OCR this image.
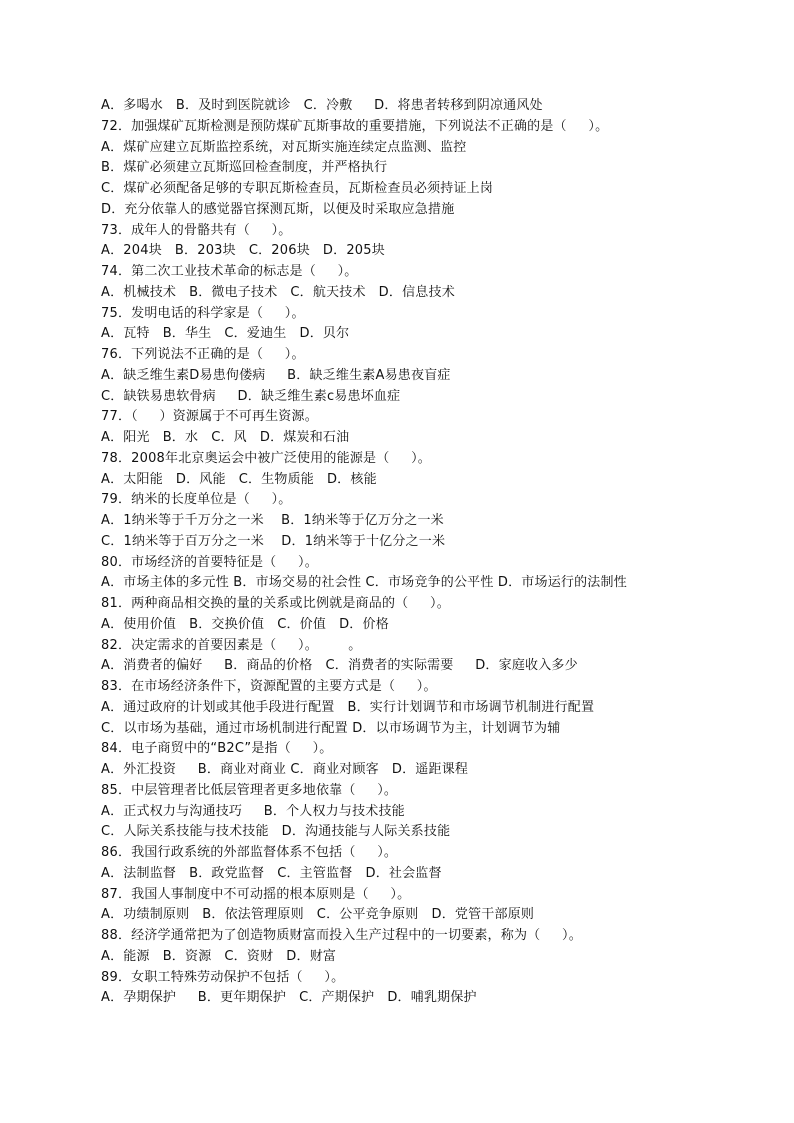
A．多喝水   B．及时到医院就诊   C．冷敷     D．将患者转移到阴凉通风处
72．加强煤矿瓦斯检测是预防煤矿瓦斯事故的重要措施，下列说法不正确的是（     ）。
A．煤矿应建立瓦斯监控系统，对瓦斯实施连续定点监测、监控
B．煤矿必须建立瓦斯巡回检查制度，并严格执行
C．煤矿必须配备足够的专职瓦斯检查员，瓦斯检查员必须持证上岗
D．充分依靠人的感觉器官探测瓦斯，以便及时采取应急措施
73．成年人的骨骼共有（     ）。
A．204块   B．203块   C．206块   D．205块
74．第二次工业技术革命的标志是（     ）。
A．机械技术   B．微电子技术   C．航天技术   D．信息技术
75．发明电话的科学家是（     ）。
A．瓦特   B．华生   C．爱迪生   D．贝尔
76．下列说法不正确的是（     ）。
A．缺乏维生素D易患佝偻病     B．缺乏维生素A易患夜盲症
C．缺铁易患软骨病     D．缺乏维生素c易患坏血症
77．（     ）资源属于不可再生资源。
A．阳光   B．水   C．风   D．煤炭和石油
78．2008年北京奥运会中被广泛使用的能源是（     ）。
A．太阳能   D．风能   C．生物质能   D．核能
79．纳米的长度单位是（     ）。
A．1纳米等于千万分之一米    B．1纳米等于亿万分之一米
C．1纳米等于百万分之一米    D．1纳米等于十亿分之一米
80．市场经济的首要特征是（     ）。
A．市场主体的多元性 B．市场交易的社会性 C．市场竞争的公平性 D．市场运行的法制性
81．两种商品相交换的量的关系或比例就是商品的（     ）。
A．使用价值   B．交换价值   C．价值   D．价格
82．决定需求的首要因素是（     ）。       。
A．消费者的偏好     B．商品的价格   C．消费者的实际需要     D．家庭收入多少
83．在市场经济条件下，资源配置的主要方式是（     ）。
A．通过政府的计划或其他手段进行配置   B．实行计划调节和市场调节机制进行配置
C．以市场为基础，通过市场机制进行配置 D．以市场调节为主，计划调节为辅
84．电子商贸中的“B2C”是指（     ）。
A．外汇投资     B．商业对商业 C．商业对顾客   D．遥距课程
85．中层管理者比低层管理者更多地依靠（     ）。
A．正式权力与沟通技巧     B．个人权力与技术技能
C．人际关系技能与技术技能   D．沟通技能与人际关系技能
86．我国行政系统的外部监督体系不包括（     ）。
A．法制监督   B．政党监督   C．主管监督   D．社会监督
87．我国人事制度中不可动摇的根本原则是（     ）。
A．功绩制原则   B．依法管理原则   C．公平竞争原则   D．党管干部原则
88．经济学通常把为了创造物质财富而投入生产过程中的一切要素，称为（     ）。
A．能源   B．资源   C．资财   D．财富
89．女职工特殊劳动保护不包括（     ）。
A．孕期保护     B．更年期保护   C．产期保护   D．哺乳期保护
